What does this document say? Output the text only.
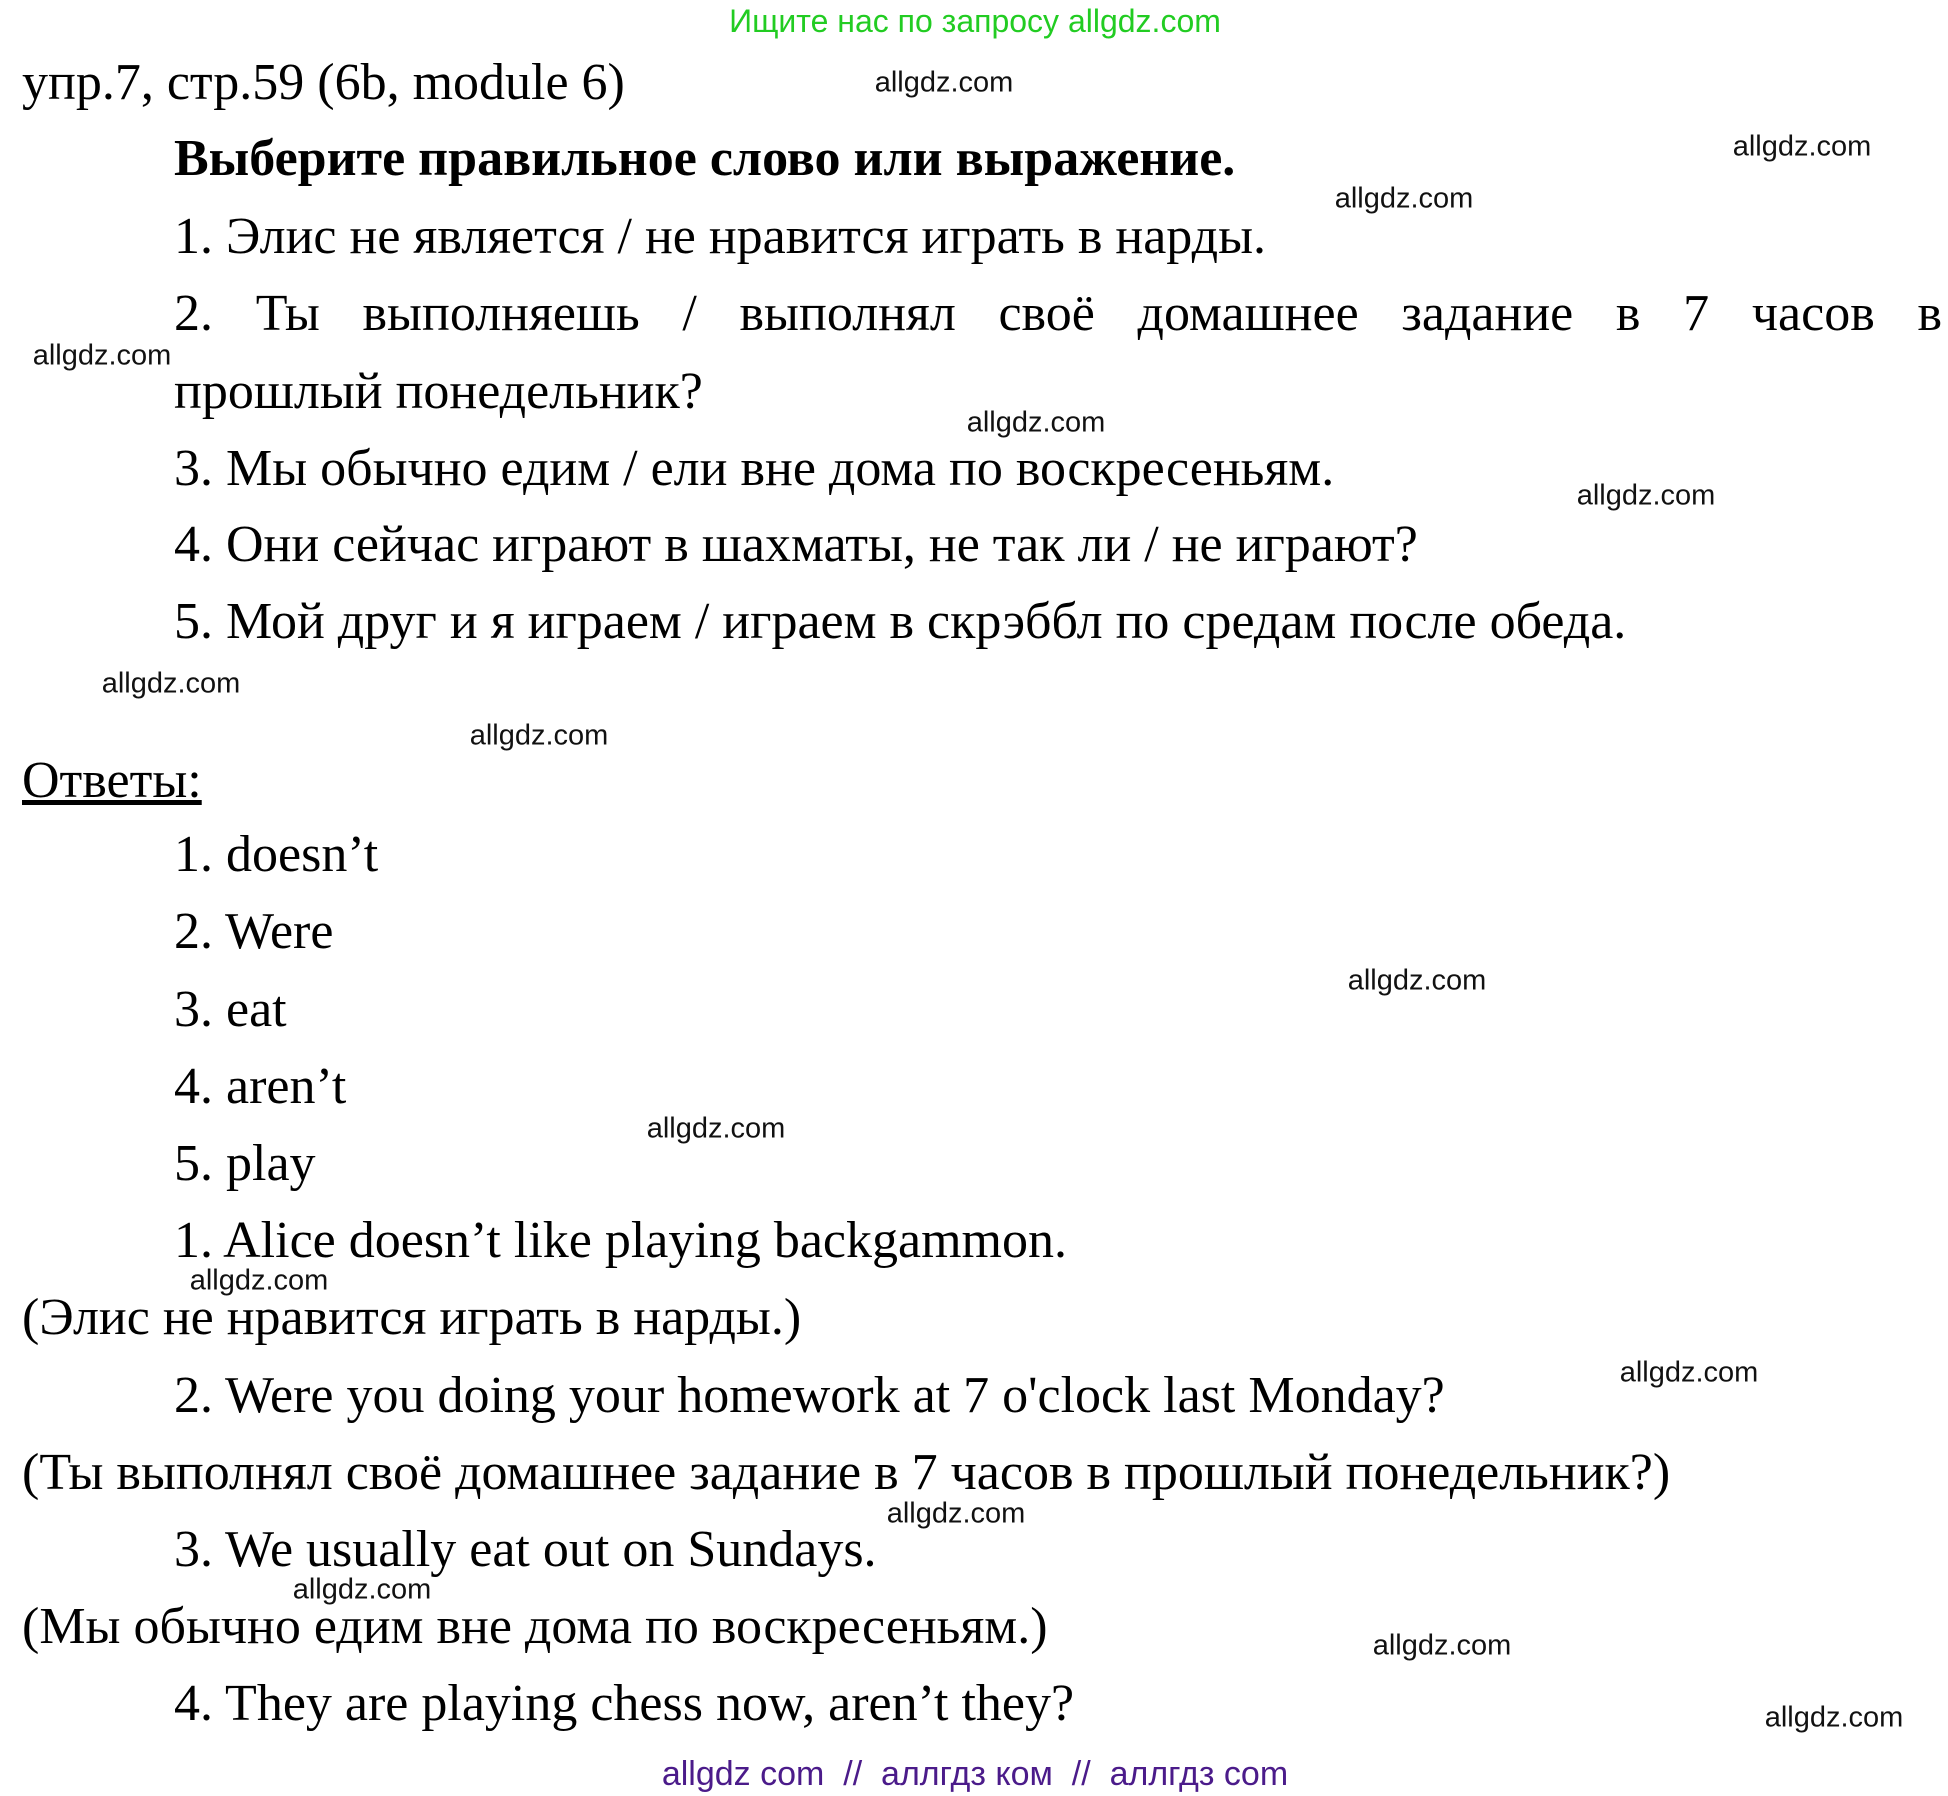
Ищите нас по запросу allgdz.com
упр.7, стр.59 (6b, module 6)
Выберите правильное слово или выражение.
1. Элис не является / не нравится играть в нарды.
2. Ты выполняешь / выполнял своё домашнее задание в 7 часов в
прошлый понедельник?
3. Мы обычно едим / ели вне дома по воскресеньям.
4. Они сейчас играют в шахматы, не так ли / не играют?
5. Мой друг и я играем / играем в скрэббл по средам после обеда.
Ответы:
1. doesn’t
2. Were
3. eat
4. aren’t
5. play
1. Alice doesn’t like playing backgammon.
(Элис не нравится играть в нарды.)
2. Were you doing your homework at 7 o'clock last Monday?
(Ты выполнял своё домашнее задание в 7 часов в прошлый понедельник?)
3. We usually eat out on Sundays.
(Мы обычно едим вне дома по воскресеньям.)
4. They are playing chess now, aren’t they?
allgdz.com
allgdz.com
allgdz.com
allgdz.com
allgdz.com
allgdz.com
allgdz.com
allgdz.com
allgdz.com
allgdz.com
allgdz.com
allgdz.com
allgdz.com
allgdz.com
allgdz.com
allgdz.com
allgdz com  //  аллгдз ком  //  аллгдз com
